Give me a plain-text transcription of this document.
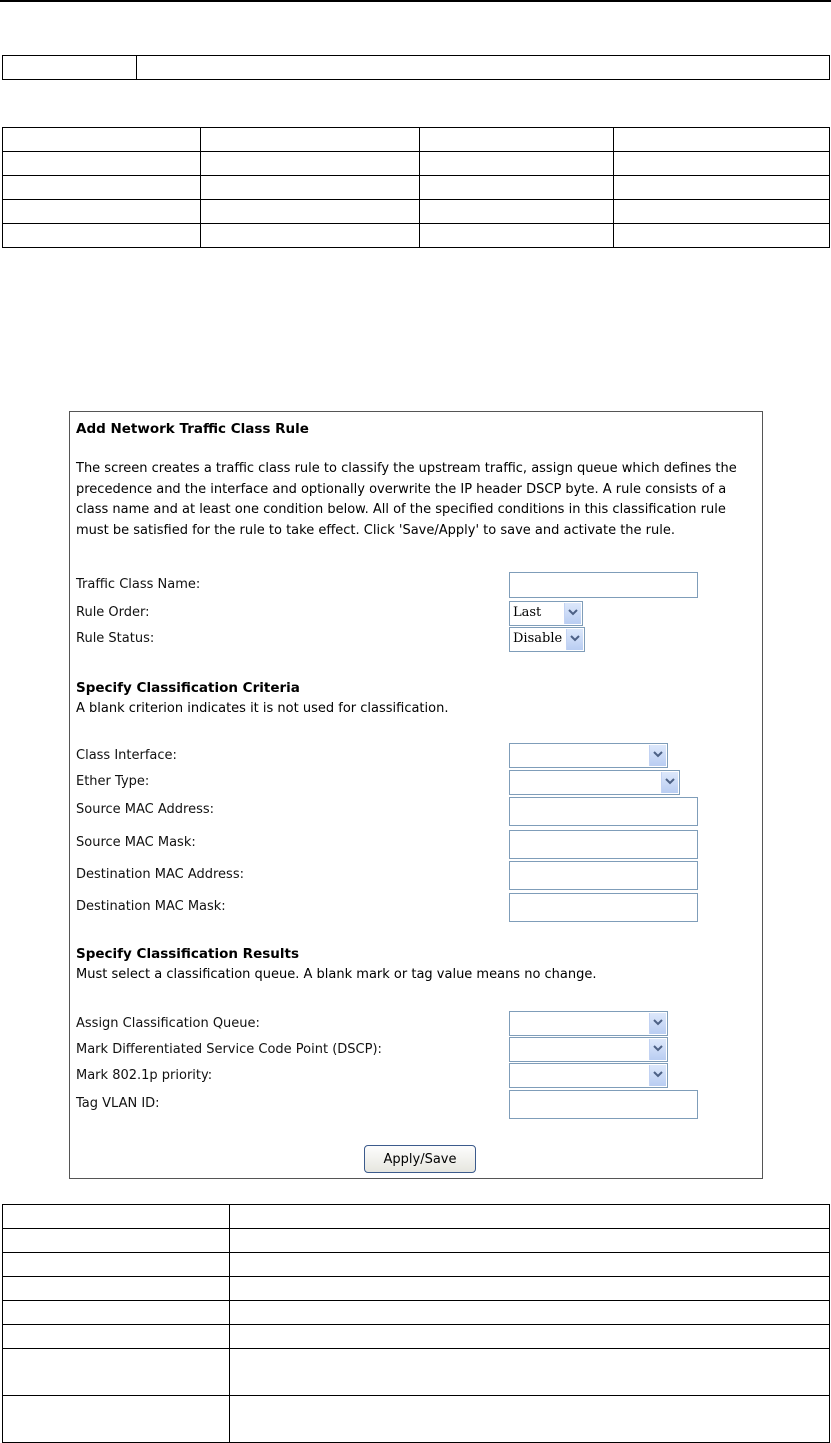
Add Network Traffic Class Rule
The screen creates a traffic class rule to classify the upstream traffic, assign queue which defines the precedence and the interface and optionally overwrite the IP header DSCP byte. A rule consists of a class name and at least one condition below. All of the specified conditions in this classification rule must be satisfied for the rule to take effect. Click 'Save/Apply' to save and activate the rule.
Traffic Class Name:
Rule Order:	Last
Rule Status:	Disable
Specify Classification Criteria
A blank criterion indicates it is not used for classification.
Class Interface:
Ether Type:
Source MAC Address:
Source MAC Mask:
Destination MAC Address:
Destination MAC Mask:
Specify Classification Results
Must select a classification queue. A blank mark or tag value means no change.
Assign Classification Queue:
Mark Differentiated Service Code Point (DSCP):
Mark 802.1p priority:
Tag VLAN ID:
Apply/Save
